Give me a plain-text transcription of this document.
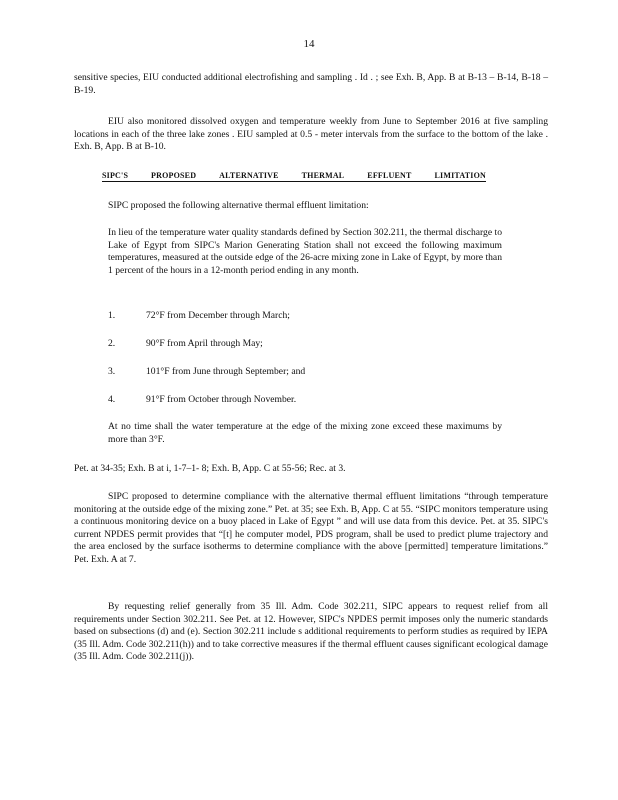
14
sensitive species, EIU conducted additional electrofishing and sampling . Id . ; see Exh. B, App. B at B-13 – B-14, B-18 – B-19.
EIU also monitored dissolved oxygen and temperature weekly from June to September 2016 at five sampling locations in each of the three lake zones . EIU sampled at 0.5 - meter intervals from the surface to the bottom of the lake . Exh. B, App. B at B-10.
SIPC'S	PROPOSED	ALTERNATIVE	THERMAL	EFFLUENT	LIMITATION
SIPC proposed the following alternative thermal effluent limitation:
In lieu of the temperature water quality standards defined by Section 302.211, the thermal discharge to Lake of Egypt from SIPC's Marion Generating Station shall not exceed the following maximum temperatures, measured at the outside edge of the 26-acre mixing zone in Lake of Egypt, by more than 1 percent of the hours in a 12-month period ending in any month.
1.	72°F from December through March;
2.	90°F from April through May;
3.	101°F from June through September; and
4.	91°F from October through November.
At no time shall the water temperature at the edge of the mixing zone exceed these maximums by more than 3°F.
Pet. at 34-35; Exh. B at i, 1-7–1- 8; Exh. B, App. C at 55-56; Rec. at 3.
SIPC proposed to determine compliance with the alternative thermal effluent limitations “through temperature monitoring at the outside edge of the mixing zone.” Pet. at 35; see Exh. B, App. C at 55. “SIPC monitors temperature using a continuous monitoring device on a buoy placed in Lake of Egypt ” and will use data from this device. Pet. at 35. SIPC's current NPDES permit provides that “[t] he computer model, PDS program, shall be used to predict plume trajectory and the area enclosed by the surface isotherms to determine compliance with the above [permitted] temperature limitations.” Pet. Exh. A at 7.
By requesting relief generally from 35 Ill. Adm. Code 302.211, SIPC appears to request relief from all requirements under Section 302.211. See Pet. at 12. However, SIPC's NPDES permit imposes only the numeric standards based on subsections (d) and (e). Section 302.211 include s additional requirements to perform studies as required by IEPA (35 Ill. Adm. Code 302.211(h)) and to take corrective measures if the thermal effluent causes significant ecological damage (35 Ill. Adm. Code 302.211(j)).
